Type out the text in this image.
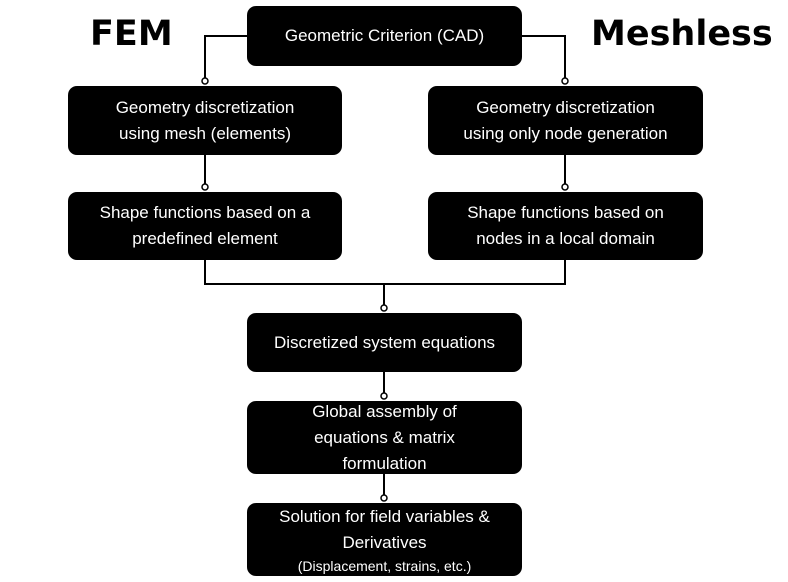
FEM	Meshless
Geometric Criterion (CAD)
Geometry discretization
using mesh (elements)
Geometry discretization
using only node generation
Shape functions based on a
predefined element
Shape functions based on
nodes in a local domain
Discretized system equations
Global assembly of
equations & matrix
formulation
Solution for field variables &
Derivatives
(Displacement, strains, etc.)
